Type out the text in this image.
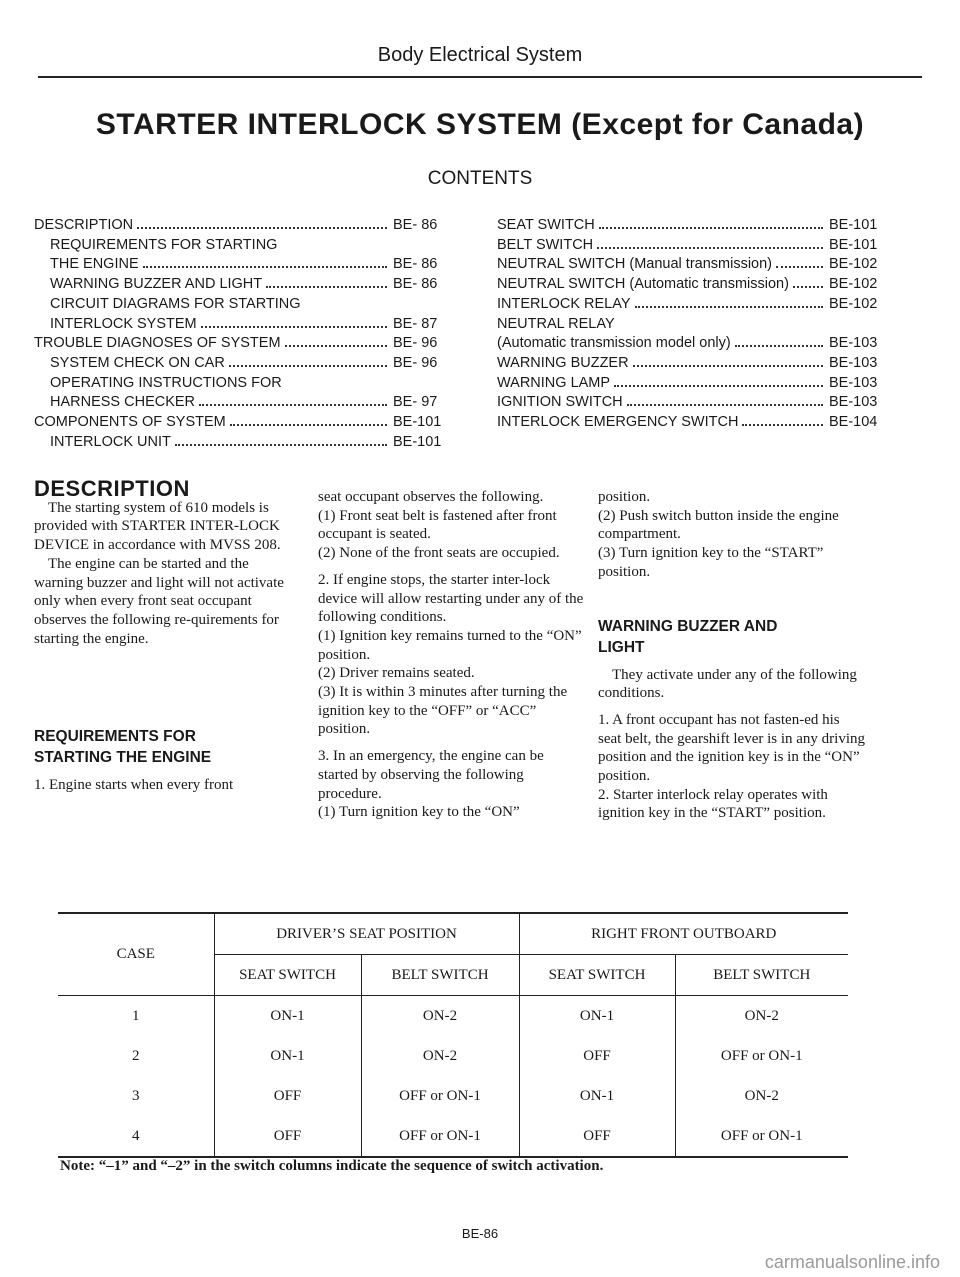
Body Electrical System
STARTER INTERLOCK SYSTEM (Except for Canada)
CONTENTS
DESCRIPTION	BE- 86
REQUIREMENTS FOR STARTING
THE ENGINE	BE- 86
WARNING BUZZER AND LIGHT	BE- 86
CIRCUIT DIAGRAMS FOR STARTING
INTERLOCK SYSTEM	BE- 87
TROUBLE DIAGNOSES OF SYSTEM	BE- 96
SYSTEM CHECK ON CAR	BE- 96
OPERATING INSTRUCTIONS FOR
HARNESS CHECKER	BE- 97
COMPONENTS OF SYSTEM	BE-101
INTERLOCK UNIT	BE-101
SEAT SWITCH	BE-101
BELT SWITCH	BE-101
NEUTRAL SWITCH (Manual transmission)	BE-102
NEUTRAL SWITCH (Automatic transmission)	BE-102
INTERLOCK RELAY	BE-102
NEUTRAL RELAY
(Automatic transmission model only)	BE-103
WARNING BUZZER	BE-103
WARNING LAMP	BE-103
IGNITION SWITCH	BE-103
INTERLOCK EMERGENCY SWITCH	BE-104

DESCRIPTION

The starting system of 610 models is provided with STARTER INTER-LOCK DEVICE in accordance with MVSS 208.

The engine can be started and the warning buzzer and light will not activate only when every front seat occupant observes the following re-quirements for starting the engine.

REQUIREMENTS FOR

STARTING THE ENGINE

1. Engine starts when every front

seat occupant observes the following.

(1) Front seat belt is fastened after front occupant is seated.

(2) None of the front seats are occupied.

2. If engine stops, the starter inter-lock device will allow restarting under any of the following conditions.

(1) Ignition key remains turned to the “ON” position.

(2) Driver remains seated.

(3) It is within 3 minutes after turning the ignition key to the “OFF” or “ACC” position.

3. In an emergency, the engine can be started by observing the following procedure.

(1) Turn ignition key to the “ON”

position.

(2) Push switch button inside the engine compartment.

(3) Turn ignition key to the “START” position.

WARNING BUZZER AND

LIGHT

They activate under any of the following conditions.

1. A front occupant has not fasten-ed his seat belt, the gearshift lever is in any driving position and the ignition key is in the “ON” position.

2. Starter interlock relay operates with ignition key in the “START” position.

CASE	DRIVER’S SEAT POSITION		RIGHT FRONT OUTBOARD	
	SEAT SWITCH	BELT SWITCH	SEAT SWITCH	BELT SWITCH
1	ON-1	ON-2	ON-1	ON-2
2	ON-1	ON-2	OFF	OFF or ON-1
3	OFF	OFF or ON-1	ON-1	ON-2
4	OFF	OFF or ON-1	OFF	OFF or ON-1
Note: “–1” and “–2” in the switch columns indicate the sequence of switch activation.
BE-86
carmanualsonline.info
